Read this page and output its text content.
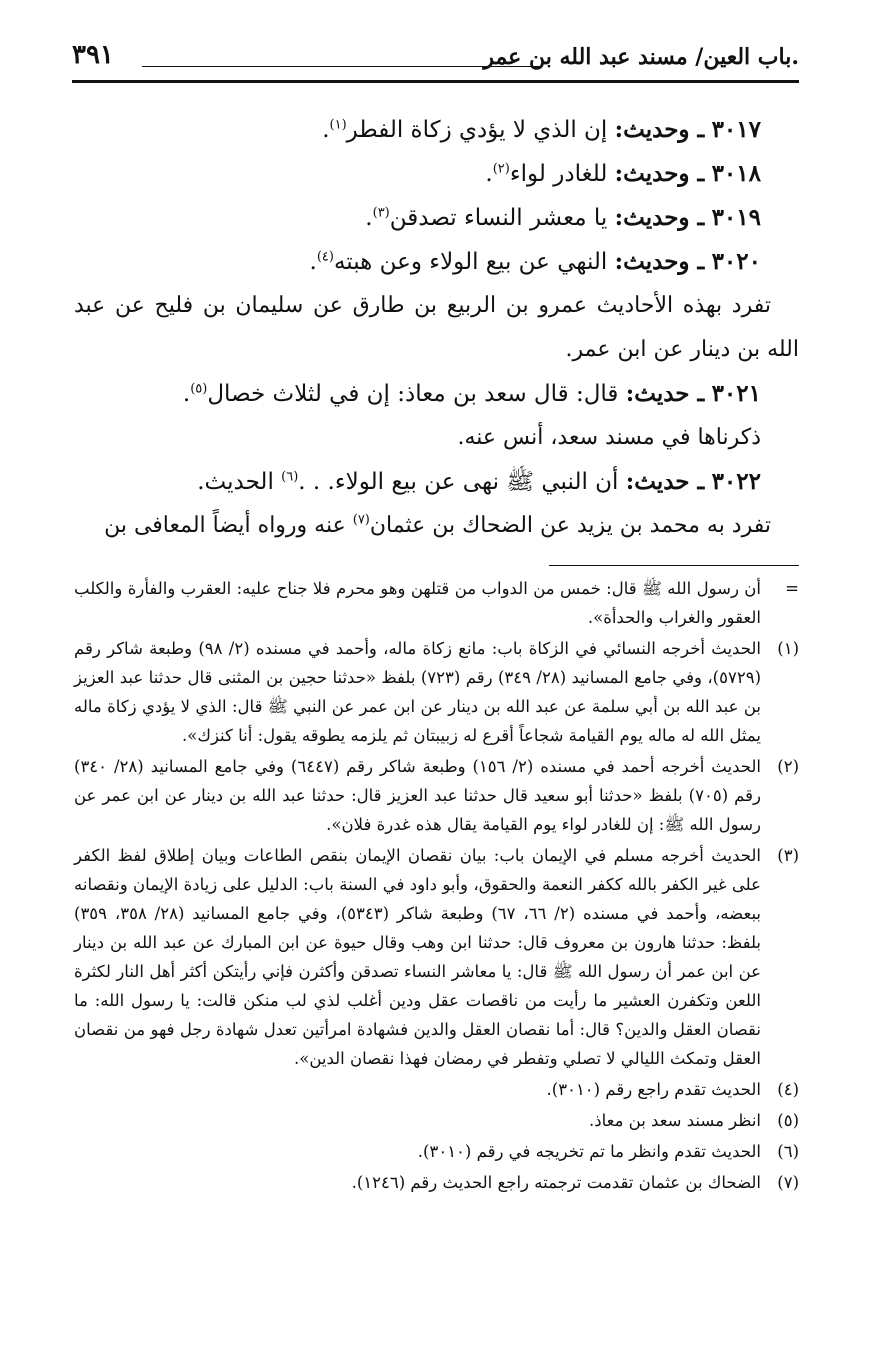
.باب العين/ مسند عبد الله بن عمر
٣٩١
٣٠١٧ ـ وحديث: إن الذي لا يؤدي زكاة الفطر$^{(١)}$.
٣٠١٨ ـ وحديث: للغادر لواء$^{(٢)}$.
٣٠١٩ ـ وحديث: يا معشر النساء تصدقن$^{(٣)}$.
٣٠٢٠ ـ وحديث: النهي عن بيع الولاء وعن هبته$^{(٤)}$.
تفرد بهذه الأحاديث عمرو بن الربيع بن طارق عن سليمان بن فليح عن عبد الله بن دينار عن ابن عمر.
٣٠٢١ ـ حديث: قال: قال سعد بن معاذ: إن في لثلاث خصال$^{(٥)}$.
ذكرناها في مسند سعد، أنس عنه.
٣٠٢٢ ـ حديث: أن النبي ﷺ نهى عن بيع الولاء. . .$^{(٦)}$ الحديث.
تفرد به محمد بن يزيد عن الضحاك بن عثمان$^{(٧)}$ عنه ورواه أيضاً المعافى بن
=
أن رسول الله ﷺ قال: خمس من الدواب من قتلهن وهو محرم فلا جناح عليه: العقرب والفأرة والكلب العقور والغراب والحدأة».
(١)
الحديث أخرجه النسائي في الزكاة باب: مانع زكاة ماله، وأحمد في مسنده (٢/ ٩٨) وطبعة شاكر رقم (٥٧٢٩)، وفي جامع المسانيد (٢٨/ ٣٤٩) رقم (٧٢٣) بلفظ «حدثنا حجين بن المثنى قال حدثنا عبد العزيز بن عبد الله بن أبي سلمة عن عبد الله بن دينار عن ابن عمر عن النبي ﷺ قال: الذي لا يؤدي زكاة ماله يمثل الله له ماله يوم القيامة شجاعاً أقرع له زبيبتان ثم يلزمه يطوقه يقول: أنا كنزك».
(٢)
الحديث أخرجه أحمد في مسنده (٢/ ١٥٦) وطبعة شاكر رقم (٦٤٤٧) وفي جامع المسانيد (٢٨/ ٣٤٠) رقم (٧٠٥) بلفظ «حدثنا أبو سعيد قال حدثنا عبد العزيز قال: حدثنا عبد الله بن دينار عن ابن عمر عن رسول الله ﷺ: إن للغادر لواء يوم القيامة يقال هذه غدرة فلان».
(٣)
الحديث أخرجه مسلم في الإيمان باب: بيان نقصان الإيمان بنقص الطاعات وبيان إطلاق لفظ الكفر على غير الكفر بالله ككفر النعمة والحقوق، وأبو داود في السنة باب: الدليل على زيادة الإيمان ونقصانه ببعضه، وأحمد في مسنده (٢/ ٦٦، ٦٧) وطبعة شاكر (٥٣٤٣)، وفي جامع المسانيد (٢٨/ ٣٥٨، ٣٥٩) بلفظ: حدثنا هارون بن معروف قال: حدثنا ابن وهب وقال حيوة عن ابن المبارك عن عبد الله بن دينار عن ابن عمر أن رسول الله ﷺ قال: يا معاشر النساء تصدقن وأكثرن فإني رأيتكن أكثر أهل النار لكثرة اللعن وتكفرن العشير ما رأيت من ناقصات عقل ودين أغلب لذي لب منكن قالت: يا رسول الله: ما نقصان العقل والدين؟ قال: أما نقصان العقل والدين فشهادة امرأتين تعدل شهادة رجل فهو من نقصان العقل وتمكث الليالي لا تصلي وتفطر في رمضان فهذا نقصان الدين».
(٤)
الحديث تقدم راجع رقم (٣٠١٠).
(٥)
انظر مسند سعد بن معاذ.
(٦)
الحديث تقدم وانظر ما تم تخريجه في رقم (٣٠١٠).
(٧)
الضحاك بن عثمان تقدمت ترجمته راجع الحديث رقم (١٢٤٦).
